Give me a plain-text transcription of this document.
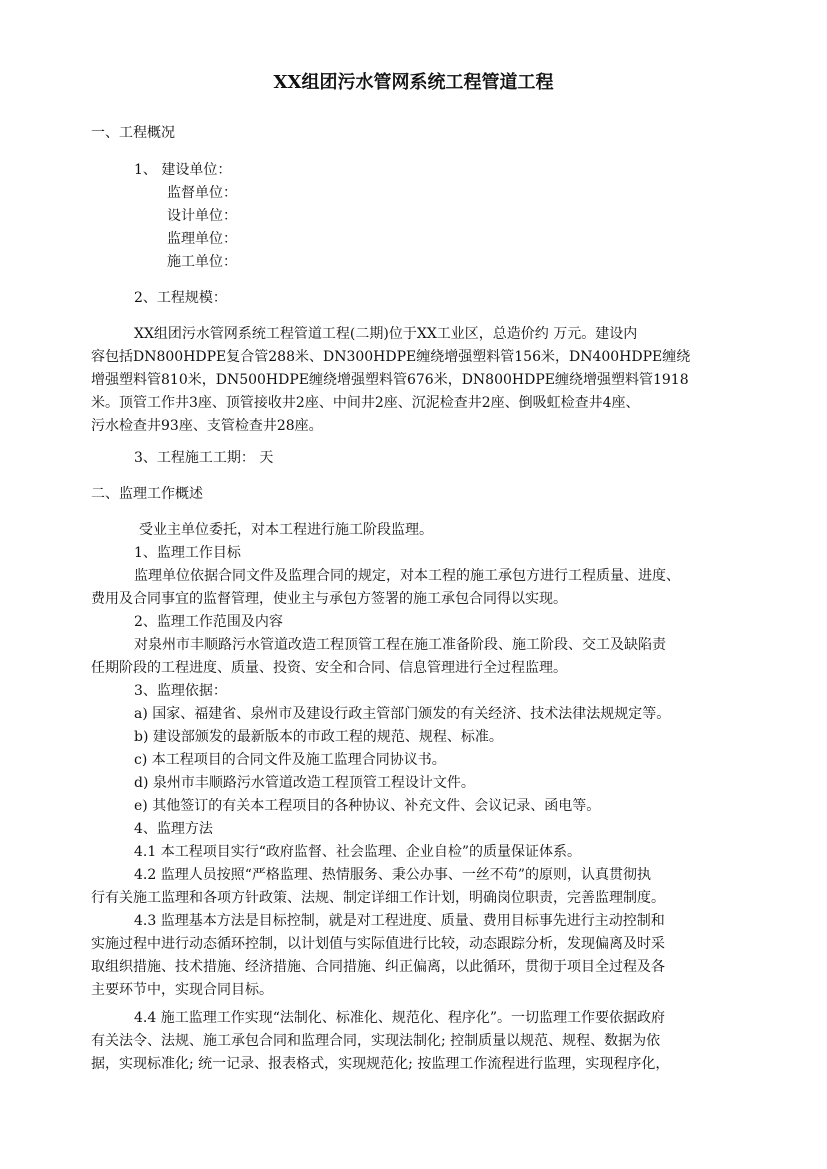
XX组团污水管网系统工程管道工程
一、工程概况
1、 建设单位：
监督单位：
设计单位：
监理单位：
施工单位：
2、工程规模：
XX组团污水管网系统工程管道工程(二期)位于XX工业区，总造价约 万元。建设内
容包括DN800HDPE复合管288米、DN300HDPE缠绕增强塑料管156米，DN400HDPE缠绕
增强塑料管810米，DN500HDPE缠绕增强塑料管676米，DN800HDPE缠绕增强塑料管1918
米。顶管工作井3座、顶管接收井2座、中间井2座、沉泥检查井2座、倒吸虹检查井4座、
污水检查井93座、支管检查井28座。
3、工程施工工期： 天
二、监理工作概述
受业主单位委托，对本工程进行施工阶段监理。
1、监理工作目标
监理单位依据合同文件及监理合同的规定，对本工程的施工承包方进行工程质量、进度、
费用及合同事宜的监督管理，使业主与承包方签署的施工承包合同得以实现。
2、监理工作范围及内容
对泉州市丰顺路污水管道改造工程顶管工程在施工准备阶段、施工阶段、交工及缺陷责
任期阶段的工程进度、质量、投资、安全和合同、信息管理进行全过程监理。
3、监理依据：
a) 国家、福建省、泉州市及建设行政主管部门颁发的有关经济、技术法律法规规定等。
b) 建设部颁发的最新版本的市政工程的规范、规程、标准。
c) 本工程项目的合同文件及施工监理合同协议书。
d) 泉州市丰顺路污水管道改造工程顶管工程设计文件。
e) 其他签订的有关本工程项目的各种协议、补充文件、会议记录、函电等。
4、监理方法
4.1 本工程项目实行“政府监督、社会监理、企业自检”的质量保证体系。
4.2 监理人员按照“严格监理、热情服务、秉公办事、一丝不苟”的原则，认真贯彻执
行有关施工监理和各项方针政策、法规、制定详细工作计划，明确岗位职责，完善监理制度。
4.3 监理基本方法是目标控制，就是对工程进度、质量、费用目标事先进行主动控制和
实施过程中进行动态循环控制，以计划值与实际值进行比较，动态跟踪分析，发现偏离及时采
取组织措施、技术措施、经济措施、合同措施、纠正偏离，以此循环，贯彻于项目全过程及各
主要环节中，实现合同目标。
4.4 施工监理工作实现“法制化、标准化、规范化、程序化”。一切监理工作要依据政府
有关法令、法规、施工承包合同和监理合同，实现法制化; 控制质量以规范、规程、数据为依
据，实现标准化; 统一记录、报表格式，实现规范化; 按监理工作流程进行监理，实现程序化，
